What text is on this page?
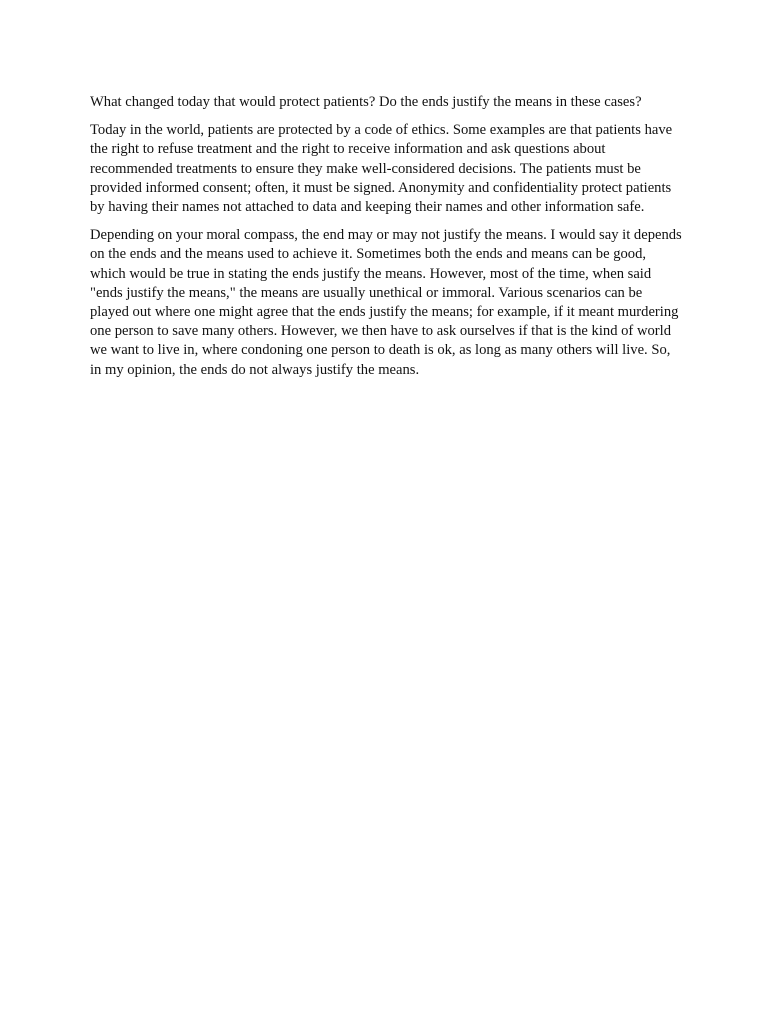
What changed today that would protect patients? Do the ends justify the means in these cases?

Today in the world, patients are protected by a code of ethics. Some examples are that patients have the right to refuse treatment and the right to receive information and ask questions about recommended treatments to ensure they make well-considered decisions. The patients must be provided informed consent; often, it must be signed. Anonymity and confidentiality protect patients by having their names not attached to data and keeping their names and other information safe.

Depending on your moral compass, the end may or may not justify the means. I would say it depends on the ends and the means used to achieve it. Sometimes both the ends and means can be good, which would be true in stating the ends justify the means. However, most of the time, when said "ends justify the means," the means are usually unethical or immoral. Various scenarios can be played out where one might agree that the ends justify the means; for example, if it meant murdering one person to save many others. However, we then have to ask ourselves if that is the kind of world we want to live in, where condoning one person to death is ok, as long as many others will live. So, in my opinion, the ends do not always justify the means.
